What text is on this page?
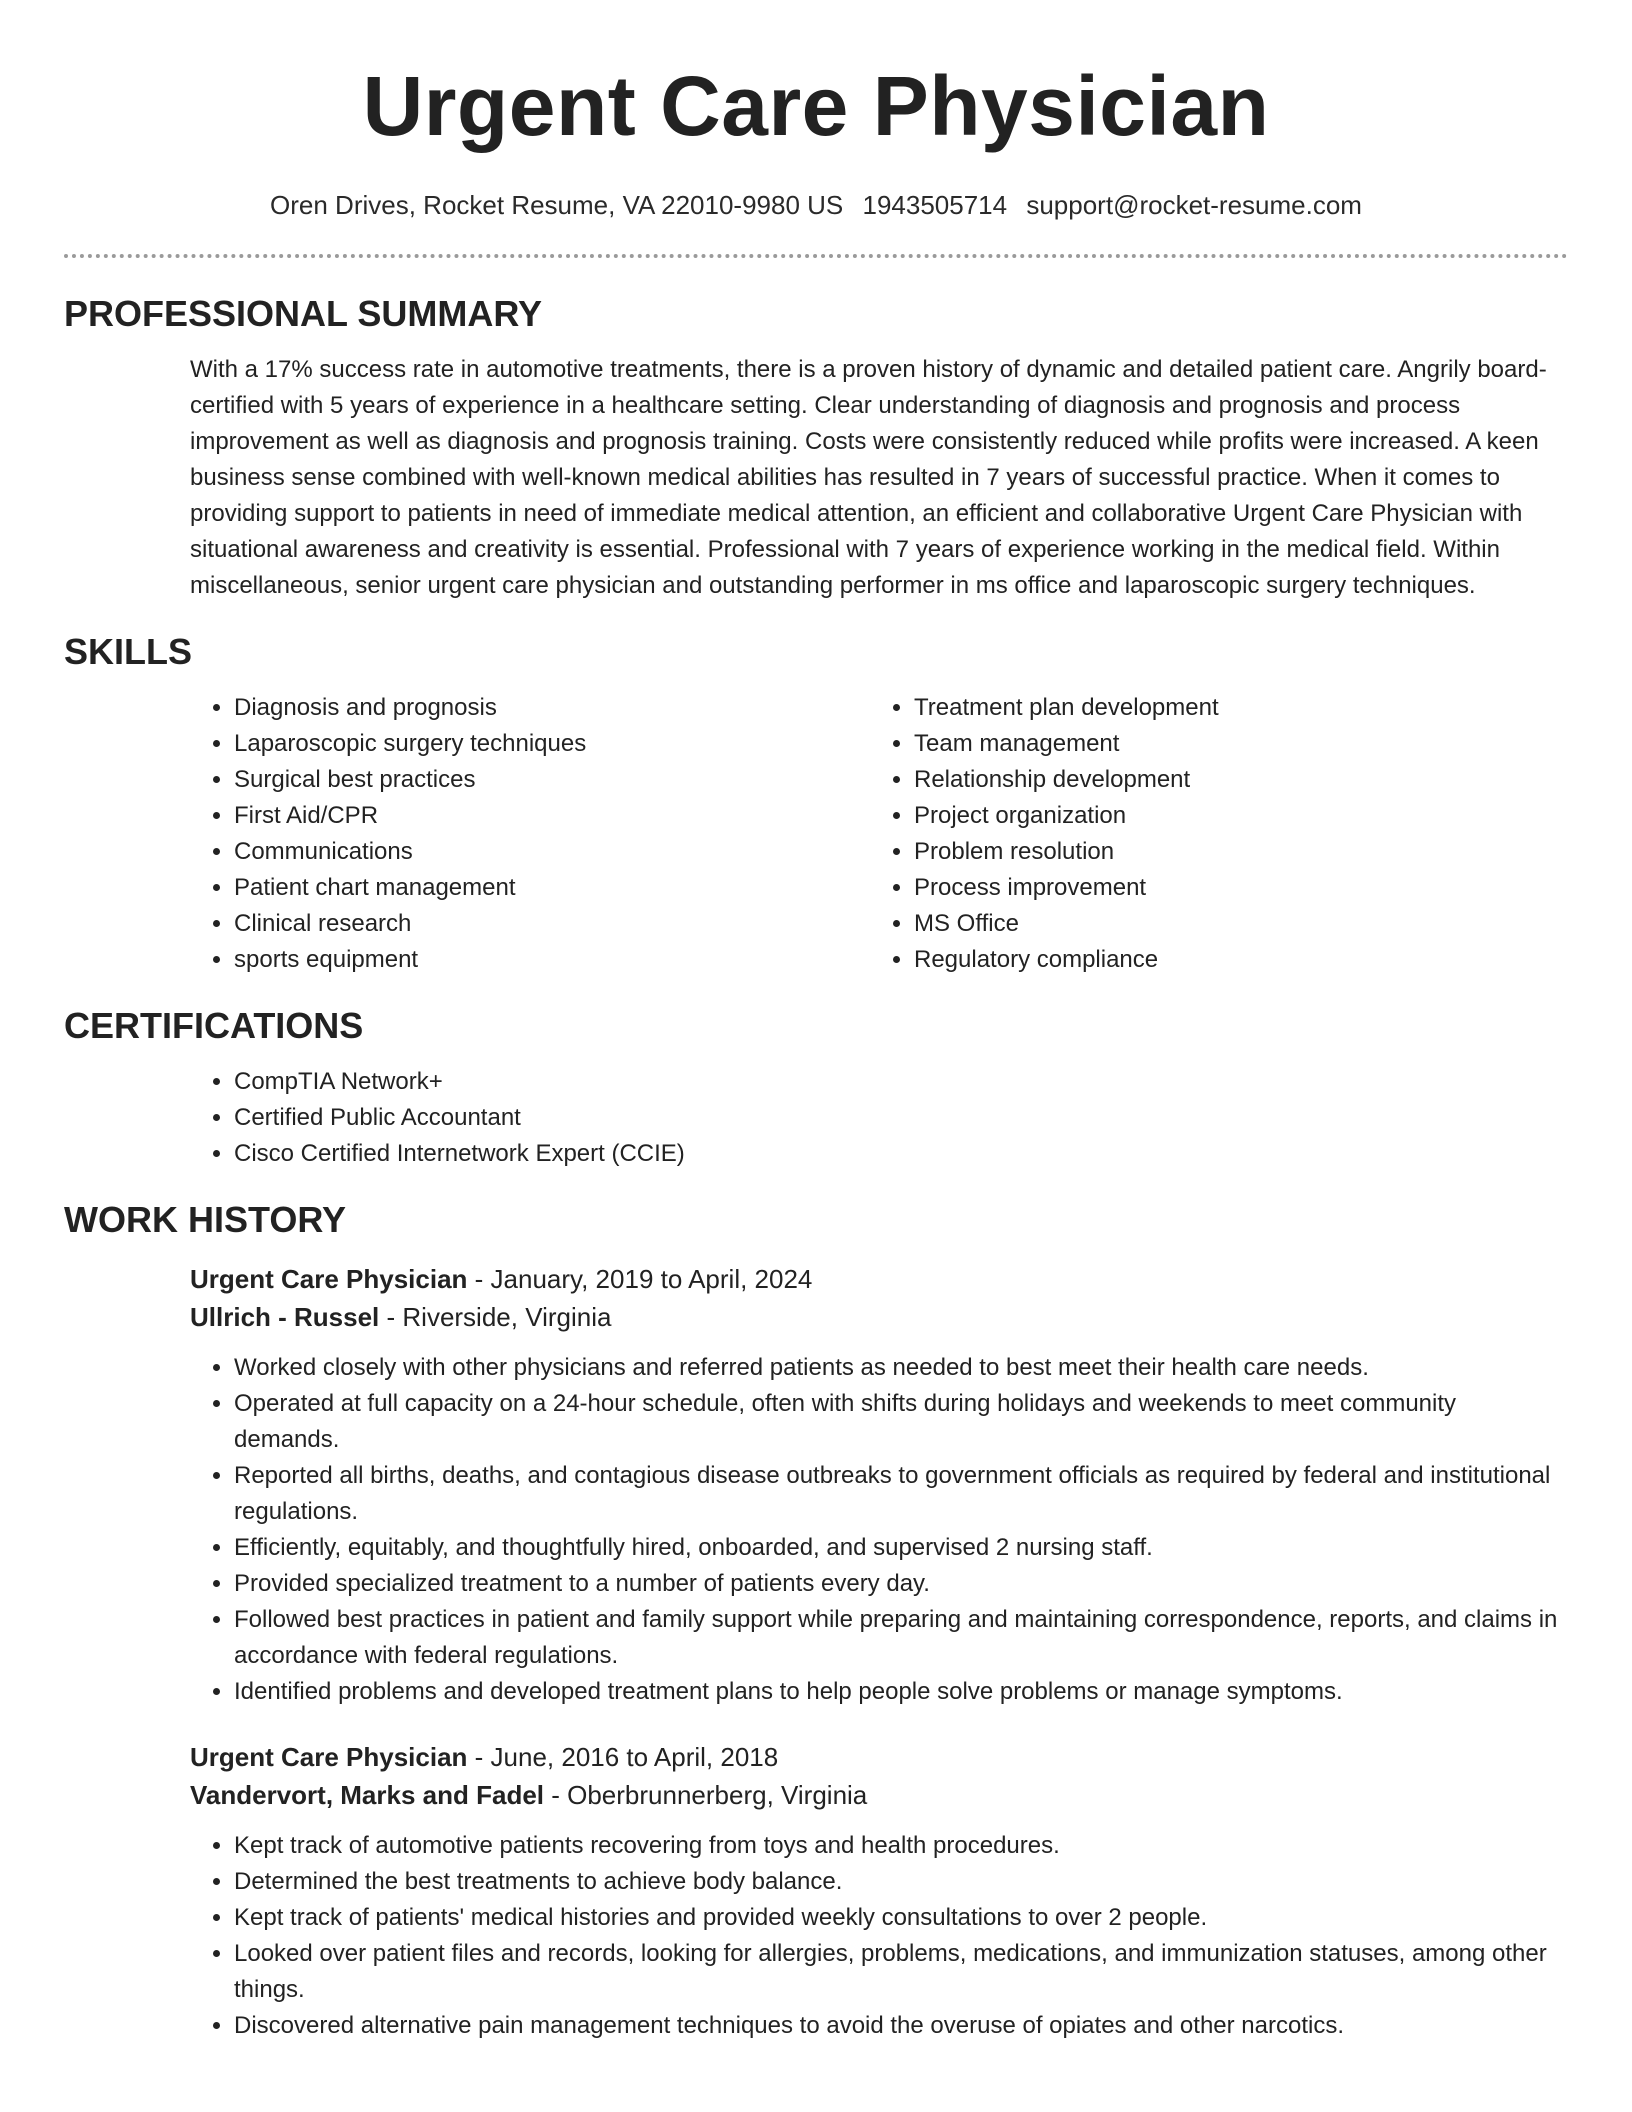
Urgent Care Physician
Oren Drives, Rocket Resume, VA 22010-9980 US 1943505714 support@rocket-resume.com
PROFESSIONAL SUMMARY

With a 17% success rate in automotive treatments, there is a proven history of dynamic and detailed patient care. Angrily board-certified with 5 years of experience in a healthcare setting. Clear understanding of diagnosis and prognosis and process improvement as well as diagnosis and prognosis training. Costs were consistently reduced while profits were increased. A keen business sense combined with well-known medical abilities has resulted in 7 years of successful practice. When it comes to providing support to patients in need of immediate medical attention, an efficient and collaborative Urgent Care Physician with situational awareness and creativity is essential. Professional with 7 years of experience working in the medical field. Within miscellaneous, senior urgent care physician and outstanding performer in ms office and laparoscopic surgery techniques.

SKILLS
• Diagnosis and prognosis
• Laparoscopic surgery techniques
• Surgical best practices
• First Aid/CPR
• Communications
• Patient chart management
• Clinical research
• sports equipment
• Treatment plan development
• Team management
• Relationship development
• Project organization
• Problem resolution
• Process improvement
• MS Office
• Regulatory compliance
CERTIFICATIONS
• CompTIA Network+
• Certified Public Accountant
• Cisco Certified Internetwork Expert (CCIE)
WORK HISTORY
Urgent Care Physician - January, 2019 to April, 2024
Ullrich - Russel - Riverside, Virginia
• Worked closely with other physicians and referred patients as needed to best meet their health care needs.
• Operated at full capacity on a 24-hour schedule, often with shifts during holidays and weekends to meet community demands.
• Reported all births, deaths, and contagious disease outbreaks to government officials as required by federal and institutional regulations.
• Efficiently, equitably, and thoughtfully hired, onboarded, and supervised 2 nursing staff.
• Provided specialized treatment to a number of patients every day.
• Followed best practices in patient and family support while preparing and maintaining correspondence, reports, and claims in accordance with federal regulations.
• Identified problems and developed treatment plans to help people solve problems or manage symptoms.
Urgent Care Physician - June, 2016 to April, 2018
Vandervort, Marks and Fadel - Oberbrunnerberg, Virginia
• Kept track of automotive patients recovering from toys and health procedures.
• Determined the best treatments to achieve body balance.
• Kept track of patients' medical histories and provided weekly consultations to over 2 people.
• Looked over patient files and records, looking for allergies, problems, medications, and immunization statuses, among other things.
• Discovered alternative pain management techniques to avoid the overuse of opiates and other narcotics.
